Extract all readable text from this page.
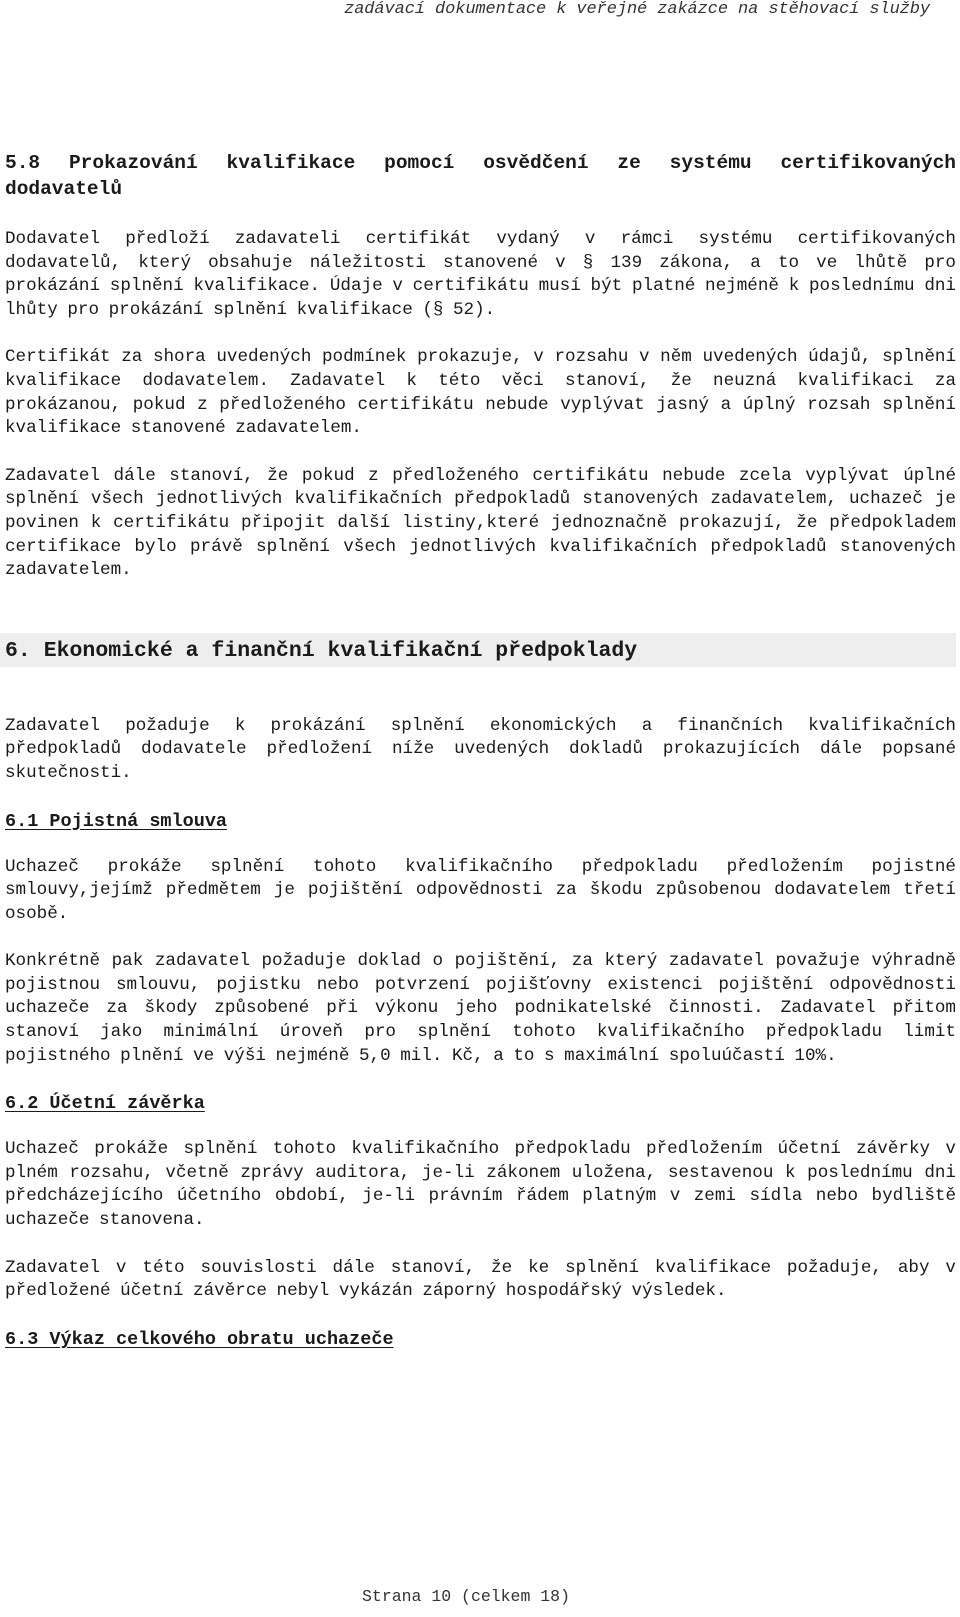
zadávací dokumentace k veřejné zakázce na stěhovací služby
5.8 Prokazování kvalifikace pomocí osvědčení ze systému certifikovaných dodavatelů

Dodavatel předloží zadavateli certifikát vydaný v rámci systému certifikovaných dodavatelů, který obsahuje náležitosti stanovené v § 139 zákona, a to ve lhůtě pro prokázání splnění kvalifikace. Údaje v certifikátu musí být platné nejméně k poslednímu dni lhůty pro prokázání splnění kvalifikace (§ 52).

Certifikát za shora uvedených podmínek prokazuje, v rozsahu v něm uvedených údajů, splnění kvalifikace dodavatelem. Zadavatel k této věci stanoví, že neuzná kvalifikaci za prokázanou, pokud z předloženého certifikátu nebude vyplývat jasný a úplný rozsah splnění kvalifikace stanovené zadavatelem.

Zadavatel dále stanoví, že pokud z předloženého certifikátu nebude zcela vyplývat úplné splnění všech jednotlivých kvalifikačních předpokladů stanovených zadavatelem, uchazeč je povinen k certifikátu připojit další listiny,které jednoznačně prokazují, že předpokladem certifikace bylo právě splnění všech jednotlivých kvalifikačních předpokladů stanovených zadavatelem.

6. Ekonomické a finanční kvalifikační předpoklady

Zadavatel požaduje k prokázání splnění ekonomických a finančních kvalifikačních předpokladů dodavatele předložení níže uvedených dokladů prokazujících dále popsané skutečnosti.

6.1 Pojistná smlouva

Uchazeč prokáže splnění tohoto kvalifikačního předpokladu předložením pojistné smlouvy,jejímž předmětem je pojištění odpovědnosti za škodu způsobenou dodavatelem třetí osobě.

Konkrétně pak zadavatel požaduje doklad o pojištění, za který zadavatel považuje výhradně pojistnou smlouvu, pojistku nebo potvrzení pojišťovny existenci pojištění odpovědnosti uchazeče za škody způsobené při výkonu jeho podnikatelské činnosti. Zadavatel přitom stanoví jako minimální úroveň pro splnění tohoto kvalifikačního předpokladu limit pojistného plnění ve výši nejméně 5,0 mil. Kč, a to s maximální spoluúčastí 10%.

6.2 Účetní závěrka

Uchazeč prokáže splnění tohoto kvalifikačního předpokladu předložením účetní závěrky v plném rozsahu, včetně zprávy auditora, je-li zákonem uložena, sestavenou k poslednímu dni předcházejícího účetního období, je-li právním řádem platným v zemi sídla nebo bydliště uchazeče stanovena.

Zadavatel v této souvislosti dále stanoví, že ke splnění kvalifikace požaduje, aby v předložené účetní závěrce nebyl vykázán záporný hospodářský výsledek.

6.3 Výkaz celkového obratu uchazeče
Strana 10 (celkem 18)
